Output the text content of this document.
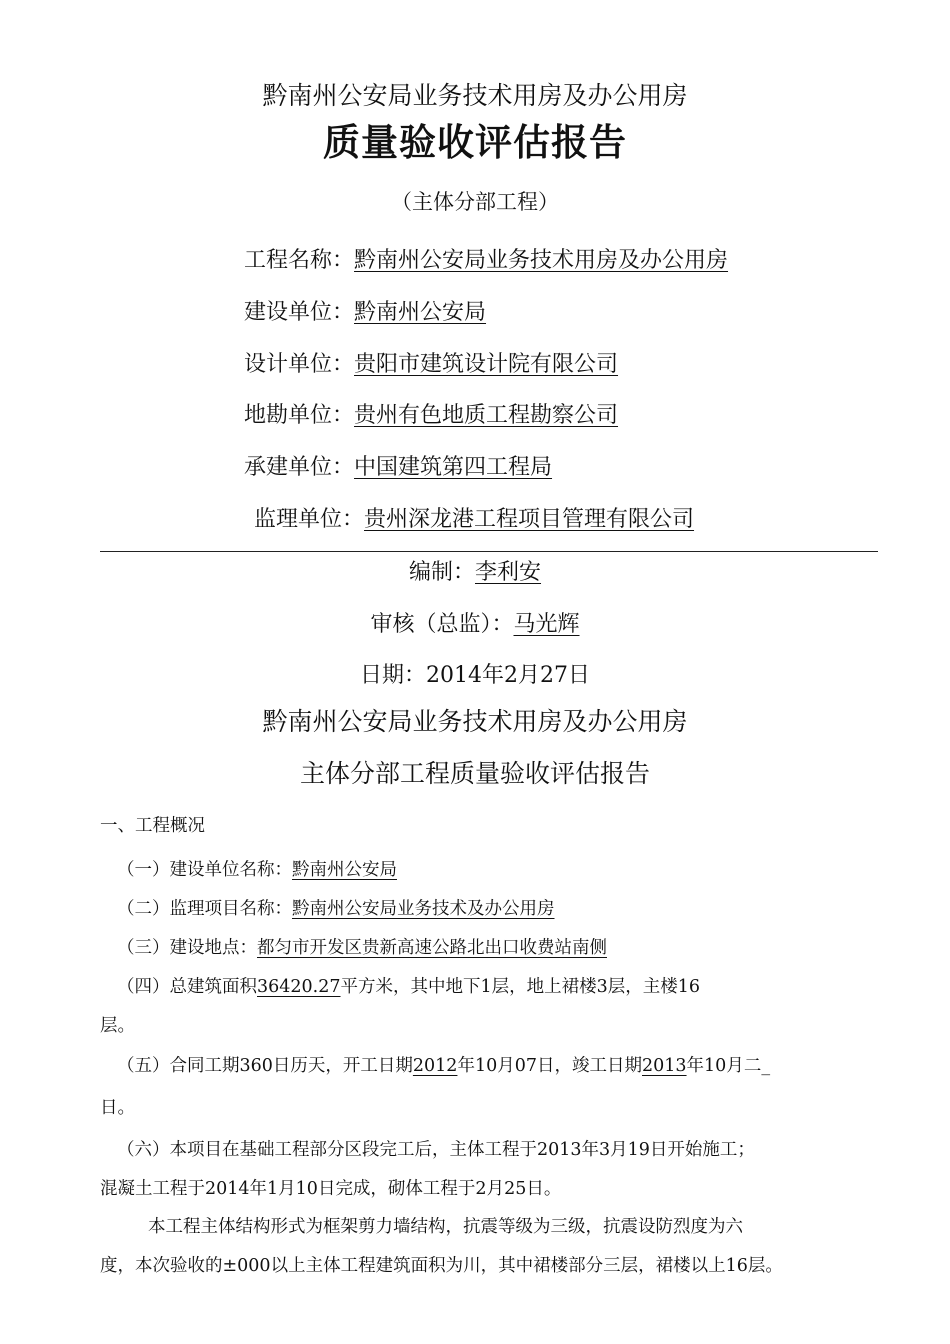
黔南州公安局业务技术用房及办公用房
质量验收评估报告
（主体分部工程）
工程名称：黔南州公安局业务技术用房及办公用房
建设单位：黔南州公安局
设计单位：贵阳市建筑设计院有限公司
地勘单位：贵州有色地质工程勘察公司
承建单位：中国建筑第四工程局
监理单位：贵州深龙港工程项目管理有限公司
编制：李利安
审核（总监）：马光辉
日期：2014年2月27日
黔南州公安局业务技术用房及办公用房
主体分部工程质量验收评估报告
一、工程概况
（一）建设单位名称：黔南州公安局
（二）监理项目名称：黔南州公安局业务技术及办公用房
（三）建设地点：都匀市开发区贵新高速公路北出口收费站南侧
（四）总建筑面积36420.27平方米，其中地下1层，地上裙楼3层，主楼16
层。
（五）合同工期360日历天，开工日期2012年10月07日，竣工日期2013年10月二_
日。
（六）本项目在基础工程部分区段完工后，主体工程于2013年3月19日开始施工；
混凝土工程于2014年1月10日完成，砌体工程于2月25日。
本工程主体结构形式为框架剪力墙结构，抗震等级为三级，抗震设防烈度为六
度，本次验收的±000以上主体工程建筑面积为川，其中裙楼部分三层，裙楼以上16层。
